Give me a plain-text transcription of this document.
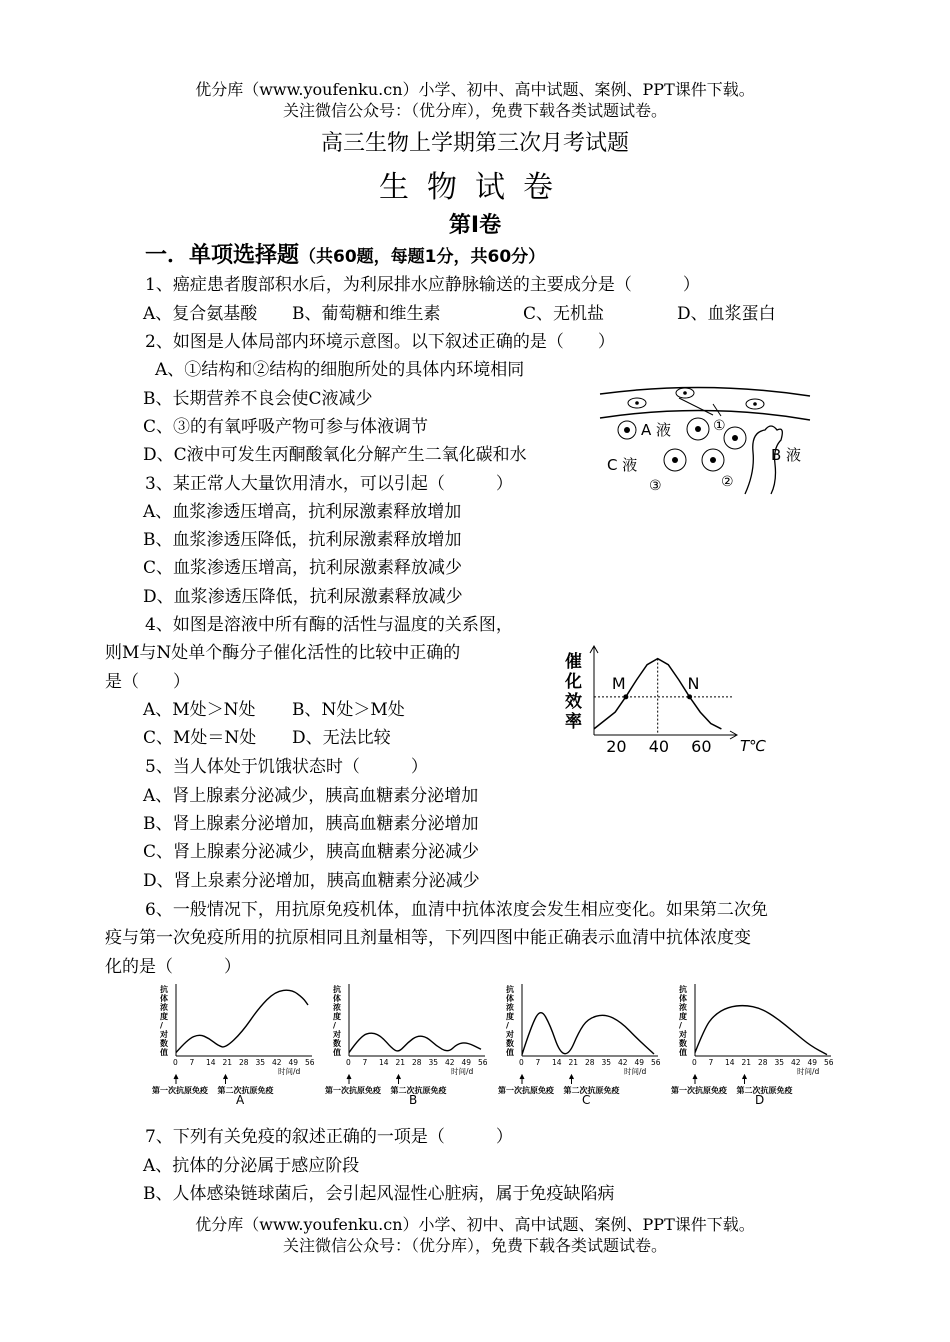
优分库（www.youfenku.cn）小学、初中、高中试题、案例、PPT课件下载。
关注微信公众号：（优分库），免费下载各类试题试卷。
高三生物上学期第三次月考试题
生物试卷
第Ⅰ卷
一．单项选择题（共60题，每题1分，共60分）
1、癌症患者腹部积水后，为利尿排水应静脉输送的主要成分是（　　　）
A、复合氨基酸 B、葡萄糖和维生素	C、无机盐	D、血浆蛋白
2、如图是人体局部内环境示意图。以下叙述正确的是（　　）
A、①结构和②结构的细胞所处的具体内环境相同
B、长期营养不良会使C液减少
C、③的有氧呼吸产物可参与体液调节
D、C液中可发生丙酮酸氧化分解产生二氧化碳和水
①
A 液
C 液
③	②
B 液
3、某正常人大量饮用清水，可以引起（　　　）
A、血浆渗透压增高，抗利尿激素释放增加
B、血浆渗透压降低，抗利尿激素释放增加
C、血浆渗透压增高，抗利尿激素释放减少
D、血浆渗透压降低，抗利尿激素释放减少
4、如图是溶液中所有酶的活性与温度的关系图，
则M与N处单个酶分子催化活性的比较中正确的
是（　　）
A、M处＞N处 B、N处＞M处
C、M处＝N处 D、无法比较
催
化
效
率
M	N
20 40 60 T℃
5、当人体处于饥饿状态时（　　　）
A、肾上腺素分泌减少，胰高血糖素分泌增加
B、肾上腺素分泌增加，胰高血糖素分泌增加
C、肾上腺素分泌减少，胰高血糖素分泌减少
D、肾上泉素分泌增加，胰高血糖素分泌减少
6、一般情况下，用抗原免疫机体，血清中抗体浓度会发生相应变化。如果第二次免
疫与第一次免疫所用的抗原相同且剂量相等，下列四图中能正确表示血清中抗体浓度变
化的是（　　　）
抗
体
浓
度
/
对
数
值
0 7 14 21 28 35 42 49 56
时间/d
第一次抗原免疫 第二次抗原免疫
A
抗
体
浓
度
/
对
数
值
0 7 14 21 28 35 42 49 56
时间/d
第一次抗原免疫 第二次抗原免疫
B
抗
体
浓
度
/
对
数
值
0 7 14 21 28 35 42 49 56
时间/d
第一次抗原免疫 第二次抗原免疫
C
抗
体
浓
度
/
对
数
值
0 7 14 21 28 35 42 49 56
时间/d
第一次抗原免疫 第二次抗原免疫
D
7、下列有关免疫的叙述正确的一项是（　　　）
A、抗体的分泌属于感应阶段
B、人体感染链球菌后，会引起风湿性心脏病，属于免疫缺陷病
优分库（www.youfenku.cn）小学、初中、高中试题、案例、PPT课件下载。
关注微信公众号：（优分库），免费下载各类试题试卷。
